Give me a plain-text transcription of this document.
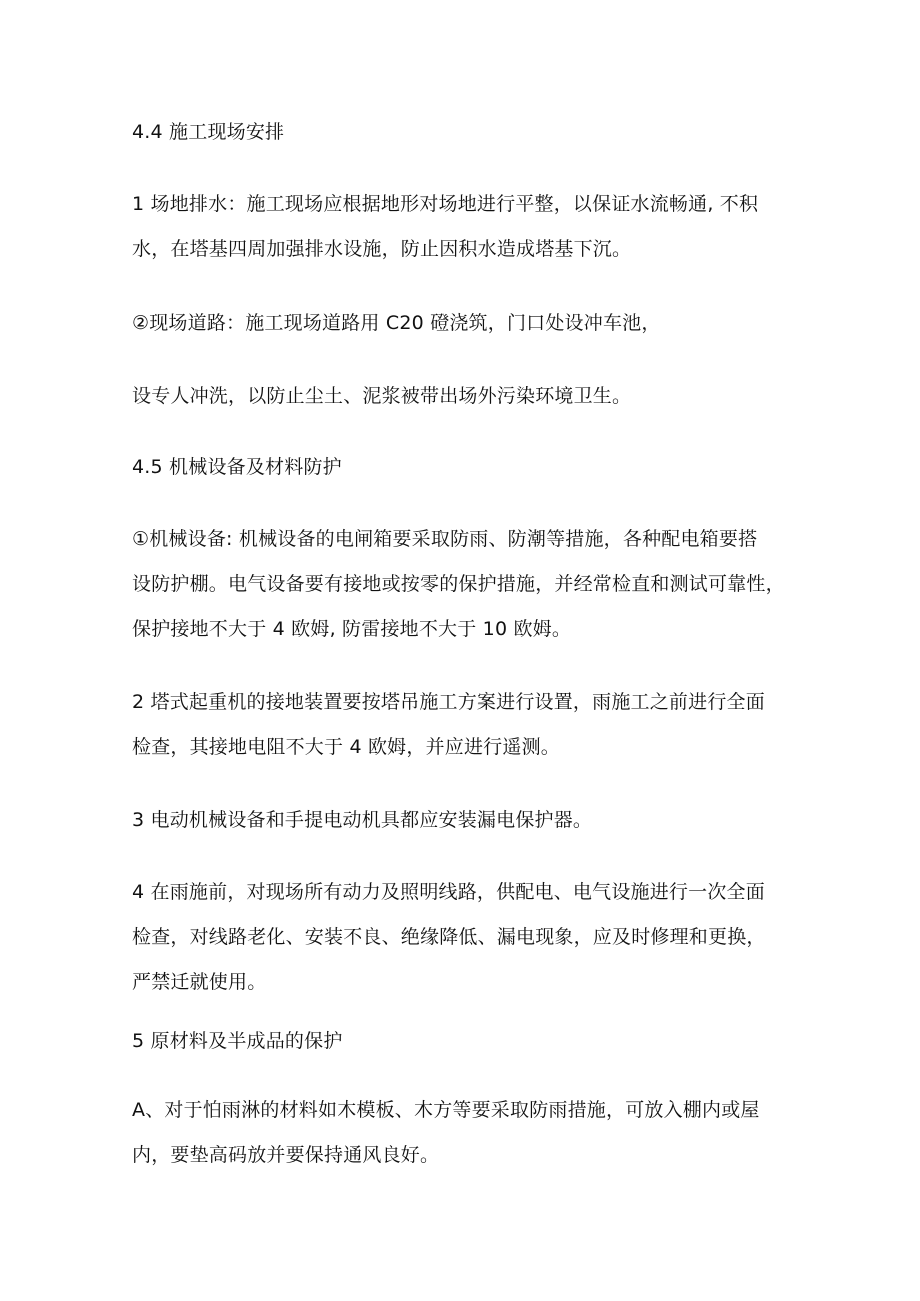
4.4 施工现场安排
1 场地排水：施工现场应根据地形对场地进行平整，以保证水流畅通, 不积
水，在塔基四周加强排水设施，防止因积水造成塔基下沉。
②现场道路：施工现场道路用 C20 磴浇筑，门口处设冲车池，
设专人冲洗，以防止尘土、泥浆被带出场外污染环境卫生。
4.5 机械设备及材料防护
①机械设备: 机械设备的电闸箱要采取防雨、防潮等措施，各种配电箱要搭
设防护棚。电气设备要有接地或按零的保护措施，并经常检直和测试可靠性，
保护接地不大于 4 欧姆, 防雷接地不大于 10 欧姆。
2 塔式起重机的接地装置要按塔吊施工方案进行设置，雨施工之前进行全面
检查，其接地电阻不大于 4 欧姆，并应进行遥测。
3 电动机械设备和手提电动机具都应安装漏电保护器。
4 在雨施前，对现场所有动力及照明线路，供配电、电气设施进行一次全面
检查，对线路老化、安装不良、绝缘降低、漏电现象，应及时修理和更换，
严禁迁就使用。
5 原材料及半成品的保护
A、对于怕雨淋的材料如木模板、木方等要采取防雨措施，可放入棚内或屋
内，要垫高码放并要保持通风良好。
